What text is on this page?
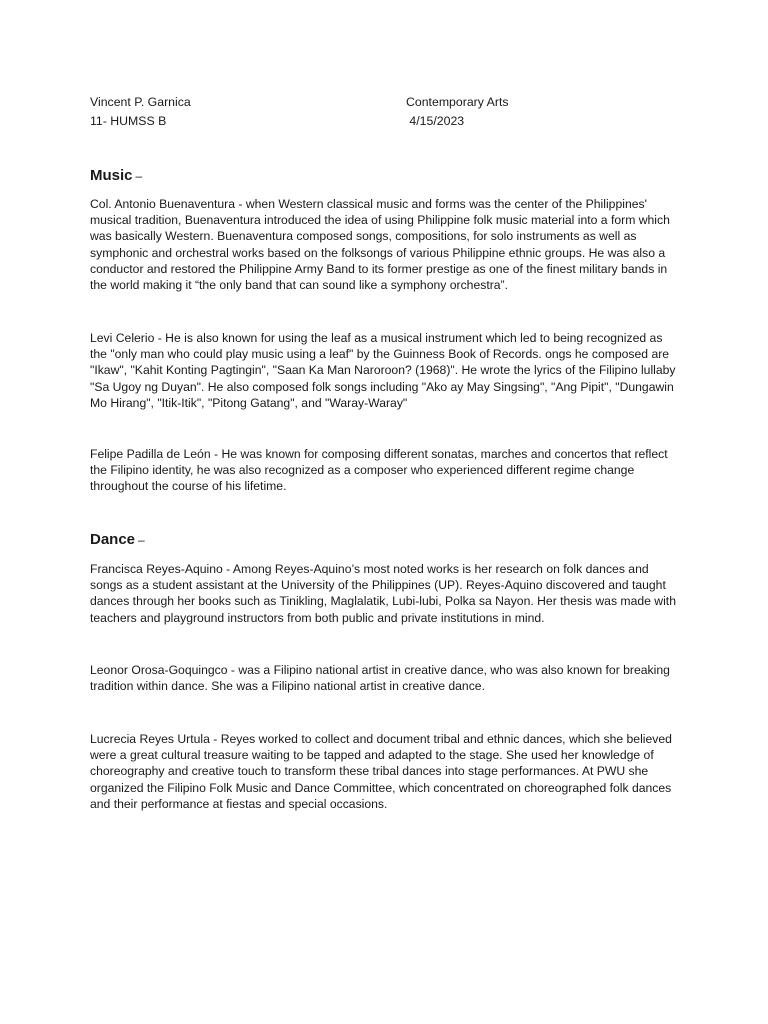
Vincent P. Garnica
11- HUMSS B
Contemporary Arts
4/15/2023
Music –

Col. Antonio Buenaventura - when Western classical music and forms was the center of the Philippines' musical tradition, Buenaventura introduced the idea of using Philippine folk music material into a form which was basically Western. Buenaventura composed songs, compositions, for solo instruments as well as symphonic and orchestral works based on the folksongs of various Philippine ethnic groups. He was also a conductor and restored the Philippine Army Band to its former prestige as one of the finest military bands in the world making it “the only band that can sound like a symphony orchestra”.

Levi Celerio - He is also known for using the leaf as a musical instrument which led to being recognized as the "only man who could play music using a leaf" by the Guinness Book of Records. ongs he composed are "Ikaw", "Kahit Konting Pagtingin", "Saan Ka Man Naroroon? (1968)". He wrote the lyrics of the Filipino lullaby "Sa Ugoy ng Duyan". He also composed folk songs including "Ako ay May Singsing", "Ang Pipit", "Dungawin Mo Hirang", "Itik-Itik", "Pitong Gatang", and "Waray-Waray"

Felipe Padilla de León - He was known for composing different sonatas, marches and concertos that reflect the Filipino identity, he was also recognized as a composer who experienced different regime change throughout the course of his lifetime.

Dance –

Francisca Reyes-Aquino - Among Reyes-Aquino’s most noted works is her research on folk dances and songs as a student assistant at the University of the Philippines (UP). Reyes-Aquino discovered and taught dances through her books such as Tinikling, Maglalatik, Lubi-lubi, Polka sa Nayon. Her thesis was made with teachers and playground instructors from both public and private institutions in mind.

Leonor Orosa-Goquingco - was a Filipino national artist in creative dance, who was also known for breaking tradition within dance. She was a Filipino national artist in creative dance.

Lucrecia Reyes Urtula - Reyes worked to collect and document tribal and ethnic dances, which she believed were a great cultural treasure waiting to be tapped and adapted to the stage. She used her knowledge of choreography and creative touch to transform these tribal dances into stage performances. At PWU she organized the Filipino Folk Music and Dance Committee, which concentrated on choreographed folk dances and their performance at fiestas and special occasions.
